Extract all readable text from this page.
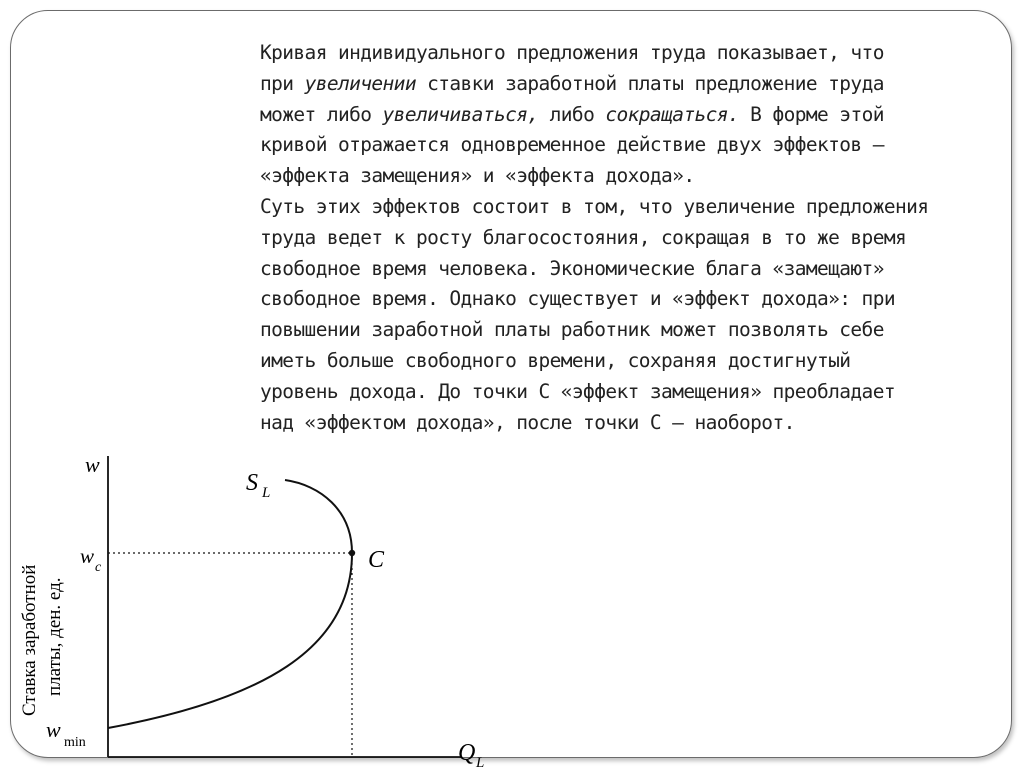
Кривая индивидуального предложения труда показывает, что
при увеличении ставки заработной платы предложение труда
может либо увеличиваться, либо сокращаться. В форме этой
кривой отражается одновременное действие двух эффектов –
«эффекта замещения» и «эффекта дохода».
Суть этих эффектов состоит в том, что увеличение предложения
труда ведет к росту благосостояния, сокращая в то же время
свободное время человека. Экономические блага «замещают»
свободное время. Однако существует и «эффект дохода»: при
повышении заработной платы работник может позволять себе
иметь больше свободного времени, сохраняя достигнутый
уровень дохода. До точки С «эффект замещения» преобладает
над «эффектом дохода», после точки С – наоборот.
w
S L
C
w c
w
min	Q L
Ставка заработной платы, ден. ед.
